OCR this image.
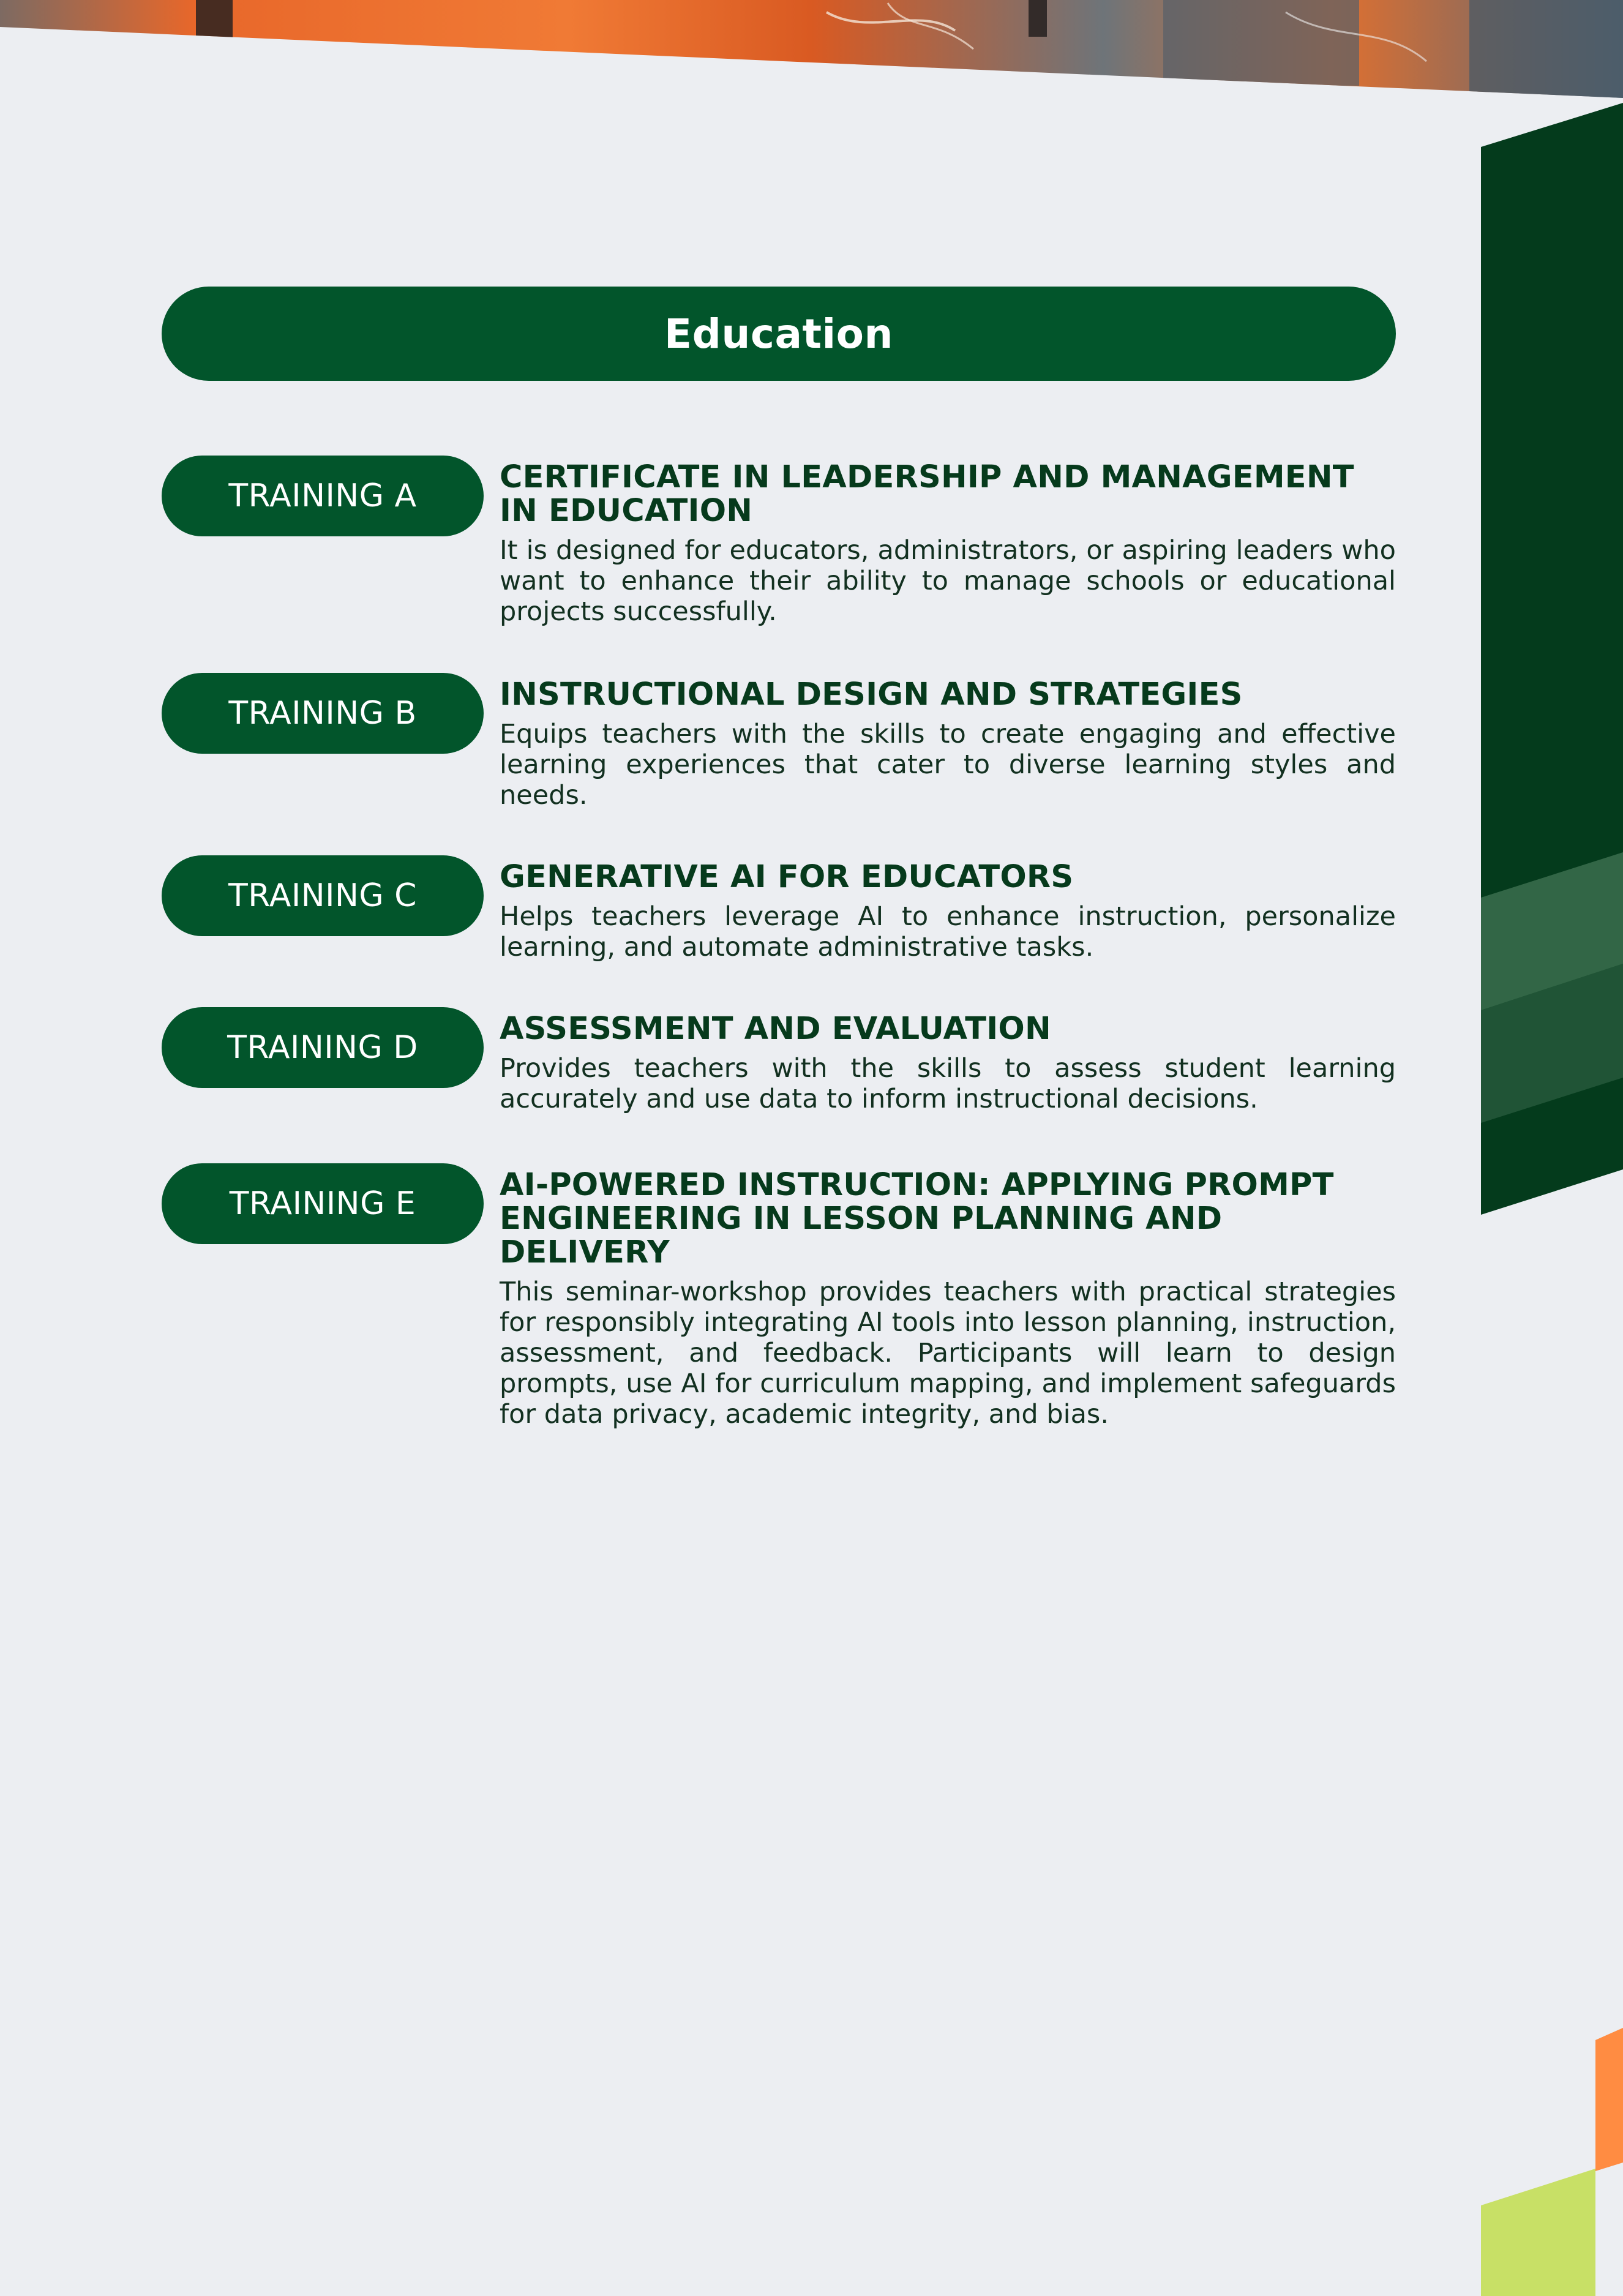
Education
TRAINING A

CERTIFICATE IN LEADERSHIP AND MANAGEMENT IN EDUCATION

It is designed for educators, administrators, or aspiring leaders who want to enhance their ability to manage schools or educational projects successfully.

TRAINING B

INSTRUCTIONAL DESIGN AND STRATEGIES

Equips teachers with the skills to create engaging and effective learning experiences that cater to diverse learning styles and needs.

TRAINING C

GENERATIVE AI FOR EDUCATORS

Helps teachers leverage AI to enhance instruction, personalize learning, and automate administrative tasks.

TRAINING D

ASSESSMENT AND EVALUATION

Provides teachers with the skills to assess student learning accurately and use data to inform instructional decisions.

TRAINING E

AI-POWERED INSTRUCTION: APPLYING PROMPT ENGINEERING IN LESSON PLANNING AND DELIVERY

This seminar-workshop provides teachers with practical strategies for responsibly integrating AI tools into lesson planning, instruction, assessment, and feedback. Participants will learn to design prompts, use AI for curriculum mapping, and implement safeguards for data privacy, academic integrity, and bias.
